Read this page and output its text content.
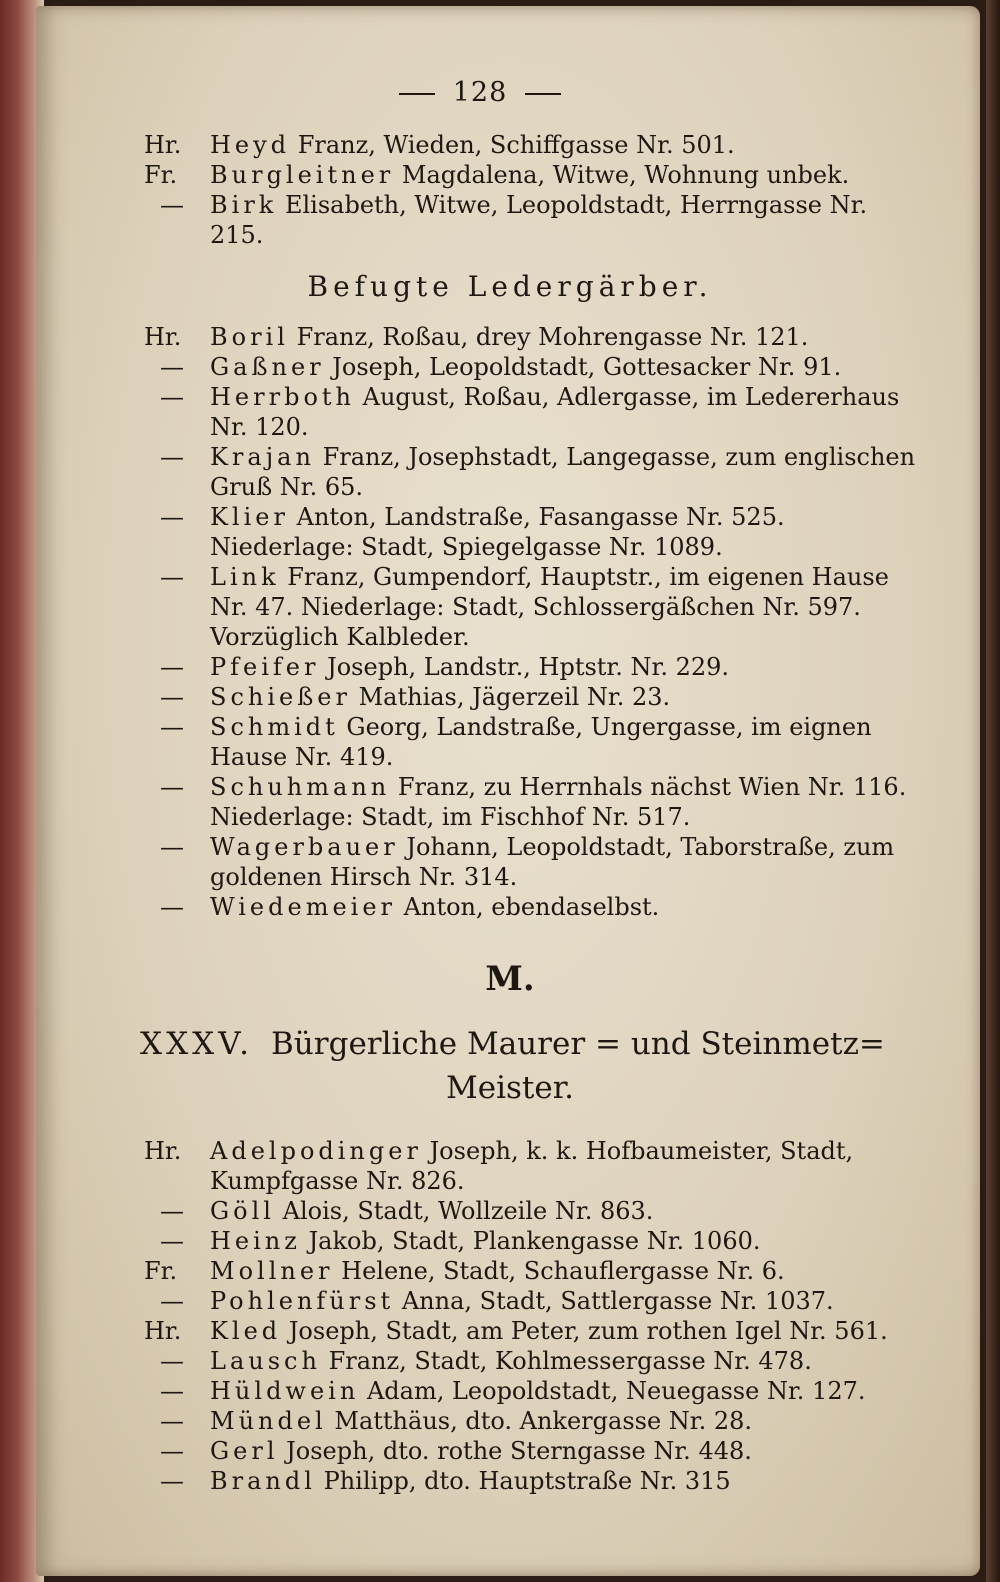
128

Hr.	Heyd Franz, Wieden, Schiffgasse Nr. 501.

Fr.	Burgleitner Magdalena, Witwe, Wohnung unbek.

—	Birk Elisabeth, Witwe, Leopoldstadt, Herrngasse Nr. 215.

Befugte Ledergärber.

Hr.	Boril Franz, Roßau, drey Mohrengasse Nr. 121.

—	Gaßner Joseph, Leopoldstadt, Gottesacker Nr. 91.

—	Herrboth August, Roßau, Adlergasse, im Ledererhaus Nr. 120.

—	Krajan Franz, Josephstadt, Langegasse, zum englischen Gruß Nr. 65.

—	Klier Anton, Landstraße, Fasangasse Nr. 525. Niederlage: Stadt, Spiegelgasse Nr. 1089.

—	Link Franz, Gumpendorf, Hauptstr., im eigenen Hause Nr. 47. Niederlage: Stadt, Schlossergäßchen Nr. 597. Vorzüglich Kalbleder.

—	Pfeifer Joseph, Landstr., Hptstr. Nr. 229.

—	Schießer Mathias, Jägerzeil Nr. 23.

—	Schmidt Georg, Landstraße, Ungergasse, im eignen Hause Nr. 419.

—	Schuhmann Franz, zu Herrnhals nächst Wien Nr. 116. Niederlage: Stadt, im Fischhof Nr. 517.

—	Wagerbauer Johann, Leopoldstadt, Taborstraße, zum goldenen Hirsch Nr. 314.

—	Wiedemeier Anton, ebendaselbst.

M.
XXXV. Bürgerliche Maurer = und Steinmetz=
Meister.

Hr.	Adelpodinger Joseph, k. k. Hofbaumeister, Stadt, Kumpfgasse Nr. 826.

—	Göll Alois, Stadt, Wollzeile Nr. 863.

—	Heinz Jakob, Stadt, Plankengasse Nr. 1060.

Fr.	Mollner Helene, Stadt, Schauflergasse Nr. 6.

—	Pohlenfürst Anna, Stadt, Sattlergasse Nr. 1037.

Hr.	Kled Joseph, Stadt, am Peter, zum rothen Igel Nr. 561.

—	Lausch Franz, Stadt, Kohlmessergasse Nr. 478.

—	Hüldwein Adam, Leopoldstadt, Neuegasse Nr. 127.

—	Mündel Matthäus, dto. Ankergasse Nr. 28.

—	Gerl Joseph, dto. rothe Sterngasse Nr. 448.

—	Brandl Philipp, dto. Hauptstraße Nr. 315
